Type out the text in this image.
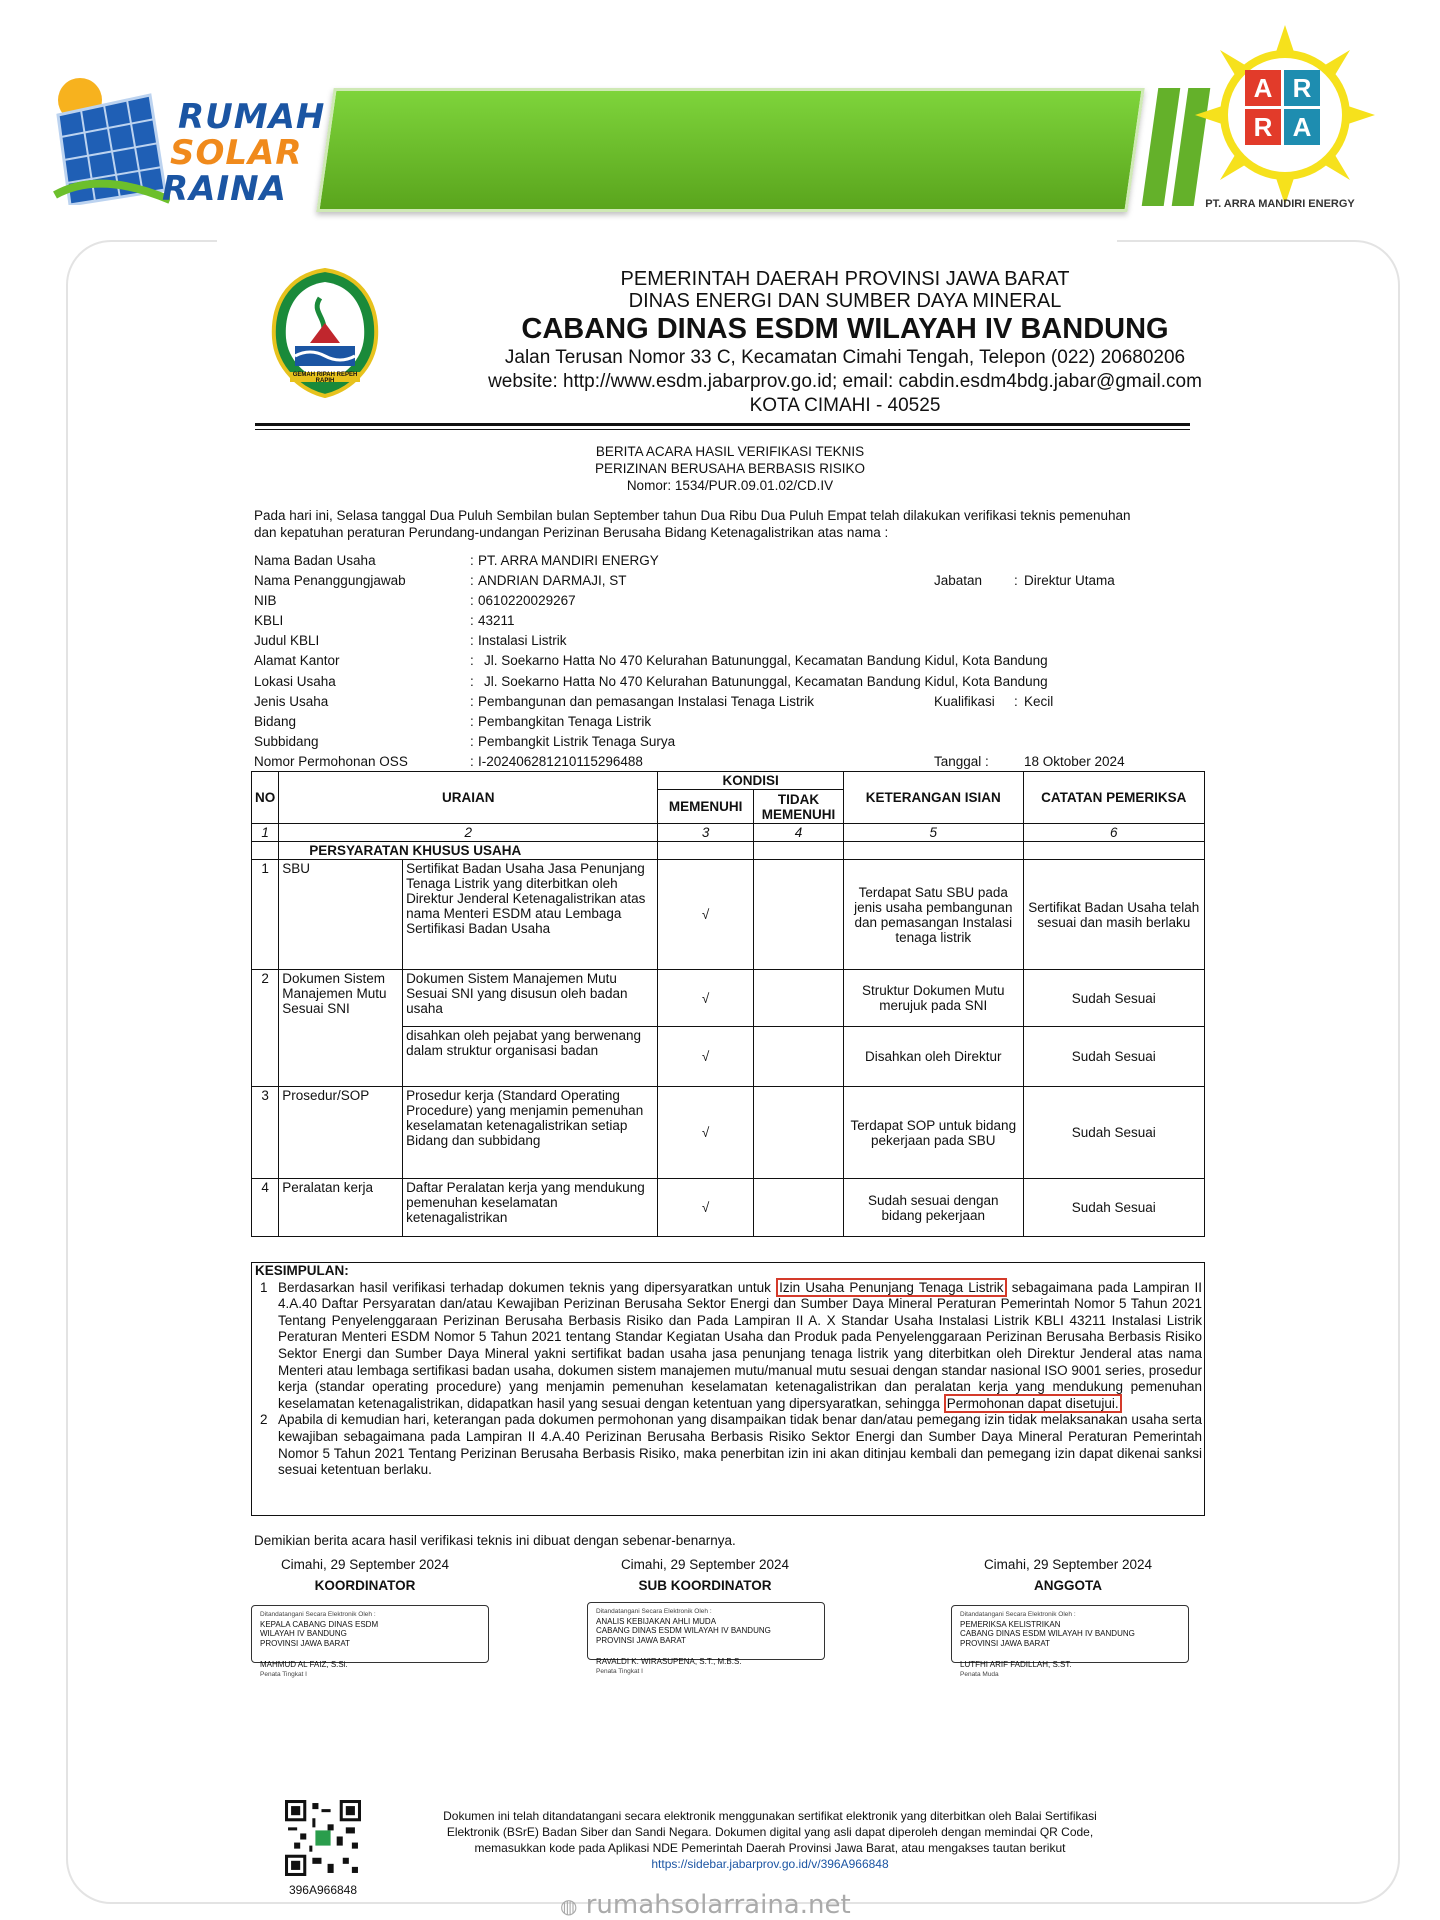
RUMAH
SOLAR
RAINA
A R
R A
PT. ARRA MANDIRI ENERGY
GEMAH RIPAH REPEH RAPIH
PEMERINTAH DAERAH PROVINSI JAWA BARAT
DINAS ENERGI DAN SUMBER DAYA MINERAL
CABANG DINAS ESDM WILAYAH IV BANDUNG
Jalan Terusan Nomor 33 C, Kecamatan Cimahi Tengah, Telepon (022) 20680206
website: http://www.esdm.jabarprov.go.id; email: cabdin.esdm4bdg.jabar@gmail.com
KOTA CIMAHI - 40525
BERITA ACARA HASIL VERIFIKASI TEKNIS
PERIZINAN BERUSAHA BERBASIS RISIKO
Nomor: 1534/PUR.09.01.02/CD.IV
Pada hari ini, Selasa tanggal Dua Puluh Sembilan bulan September tahun Dua Ribu Dua Puluh Empat telah dilakukan verifikasi teknis pemenuhan
dan kepatuhan peraturan Perundang-undangan Perizinan Berusaha Bidang Ketenagalistrikan atas nama :
Nama Badan Usaha	: PT. ARRA MANDIRI ENERGY
Nama Penanggungjawab	: ANDRIAN DARMAJI, ST	Jabatan : Direktur Utama
NIB	: 0610220029267
KBLI	: 43211
Judul KBLI	: Instalasi Listrik
Alamat Kantor	: Jl. Soekarno Hatta No 470 Kelurahan Batununggal, Kecamatan Bandung Kidul, Kota Bandung
Lokasi Usaha	: Jl. Soekarno Hatta No 470 Kelurahan Batununggal, Kecamatan Bandung Kidul, Kota Bandung
Jenis Usaha	: Pembangunan dan pemasangan Instalasi Tenaga Listrik	Kualifikasi : Kecil
Bidang	: Pembangkitan Tenaga Listrik
Subbidang	: Pembangkit Listrik Tenaga Surya
Nomor Permohonan OSS	: I-202406281210115296488	Tanggal :	18 Oktober 2024
NO	URAIAN		KONDISI		KETERANGAN ISIAN	CATATAN PEMERIKSA
			MEMENUHI	TIDAK MEMENUHI		
1	2		3	4	5	6
	PERSYARATAN KHUSUS USAHA					
1	SBU	Sertifikat Badan Usaha Jasa Penunjang Tenaga Listrik yang diterbitkan oleh Direktur Jenderal Ketenagalistrikan atas nama Menteri ESDM atau Lembaga Sertifikasi Badan Usaha	√		Terdapat Satu SBU pada jenis usaha pembangunan dan pemasangan Instalasi tenaga listrik	Sertifikat Badan Usaha telah sesuai dan masih berlaku
2	Dokumen Sistem Manajemen Mutu Sesuai SNI	Dokumen Sistem Manajemen Mutu Sesuai SNI yang disusun oleh badan usaha	√		Struktur Dokumen Mutu merujuk pada SNI	Sudah Sesuai
		disahkan oleh pejabat yang berwenang dalam struktur organisasi badan	√		Disahkan oleh Direktur	Sudah Sesuai
3	Prosedur/SOP	Prosedur kerja (Standard Operating Procedure) yang menjamin pemenuhan keselamatan ketenagalistrikan setiap Bidang dan subbidang	√		Terdapat SOP untuk bidang pekerjaan pada SBU	Sudah Sesuai
4	Peralatan kerja	Daftar Peralatan kerja yang mendukung pemenuhan keselamatan ketenagalistrikan	√		Sudah sesuai dengan bidang pekerjaan	Sudah Sesuai
KESIMPULAN:
1 Berdasarkan hasil verifikasi terhadap dokumen teknis yang dipersyaratkan untuk Izin Usaha Penunjang Tenaga Listrik sebagaimana pada Lampiran II 4.A.40 Daftar Persyaratan dan/atau Kewajiban Perizinan Berusaha Sektor Energi dan Sumber Daya Mineral Peraturan Pemerintah Nomor 5 Tahun 2021 Tentang Penyelenggaraan Perizinan Berusaha Berbasis Risiko dan Pada Lampiran II A. X Standar Usaha Instalasi Listrik KBLI 43211 Instalasi Listrik Peraturan Menteri ESDM Nomor 5 Tahun 2021 tentang Standar Kegiatan Usaha dan Produk pada Penyelenggaraan Perizinan Berusaha Berbasis Risiko Sektor Energi dan Sumber Daya Mineral yakni sertifikat badan usaha jasa penunjang tenaga listrik yang diterbitkan oleh Direktur Jenderal atas nama Menteri atau lembaga sertifikasi badan usaha, dokumen sistem manajemen mutu/manual mutu sesuai dengan standar nasional ISO 9001 series, prosedur kerja (standar operating procedure) yang menjamin pemenuhan keselamatan ketenagalistrikan dan peralatan kerja yang mendukung pemenuhan keselamatan ketenagalistrikan, didapatkan hasil yang sesuai dengan ketentuan yang dipersyaratkan, sehingga Permohonan dapat disetujui.

2 Apabila di kemudian hari, keterangan pada dokumen permohonan yang disampaikan tidak benar dan/atau pemegang izin tidak melaksanakan usaha serta kewajiban sebagaimana pada Lampiran II 4.A.40 Perizinan Berusaha Berbasis Risiko Sektor Energi dan Sumber Daya Mineral Peraturan Pemerintah Nomor 5 Tahun 2021 Tentang Perizinan Berusaha Berbasis Risiko, maka penerbitan izin ini akan ditinjau kembali dan pemegang izin dapat dikenai sanksi sesuai ketentuan berlaku.

Demikian berita acara hasil verifikasi teknis ini dibuat dengan sebenar-benarnya.
Cimahi, 29 September 2024
KOORDINATOR
Ditandatangani Secara Elektronik Oleh :
KEPALA CABANG DINAS ESDM
WILAYAH IV BANDUNG
PROVINSI JAWA BARAT
MAHMUD AL FAIZ, S.Si.
Penata Tingkat I
Cimahi, 29 September 2024
SUB KOORDINATOR
Ditandatangani Secara Elektronik Oleh :
ANALIS KEBIJAKAN AHLI MUDA
CABANG DINAS ESDM WILAYAH IV BANDUNG
PROVINSI JAWA BARAT
RAVALDI K. WIRASUPENA, S.T., M.B.S.
Penata Tingkat I
Cimahi, 29 September 2024
ANGGOTA
Ditandatangani Secara Elektronik Oleh :
PEMERIKSA KELISTRIKAN
CABANG DINAS ESDM WILAYAH IV BANDUNG
PROVINSI JAWA BARAT
LUTFHI ARIF FADILLAH, S.ST.
Penata Muda
396A966848
Dokumen ini telah ditandatangani secara elektronik menggunakan sertifikat elektronik yang diterbitkan oleh Balai Sertifikasi
Elektronik (BSrE) Badan Siber dan Sandi Negara. Dokumen digital yang asli dapat diperoleh dengan memindai QR Code,
memasukkan kode pada Aplikasi NDE Pemerintah Daerah Provinsi Jawa Barat, atau mengakses tautan berikut
https://sidebar.jabarprov.go.id/v/396A966848
◍ rumahsolarraina.net
